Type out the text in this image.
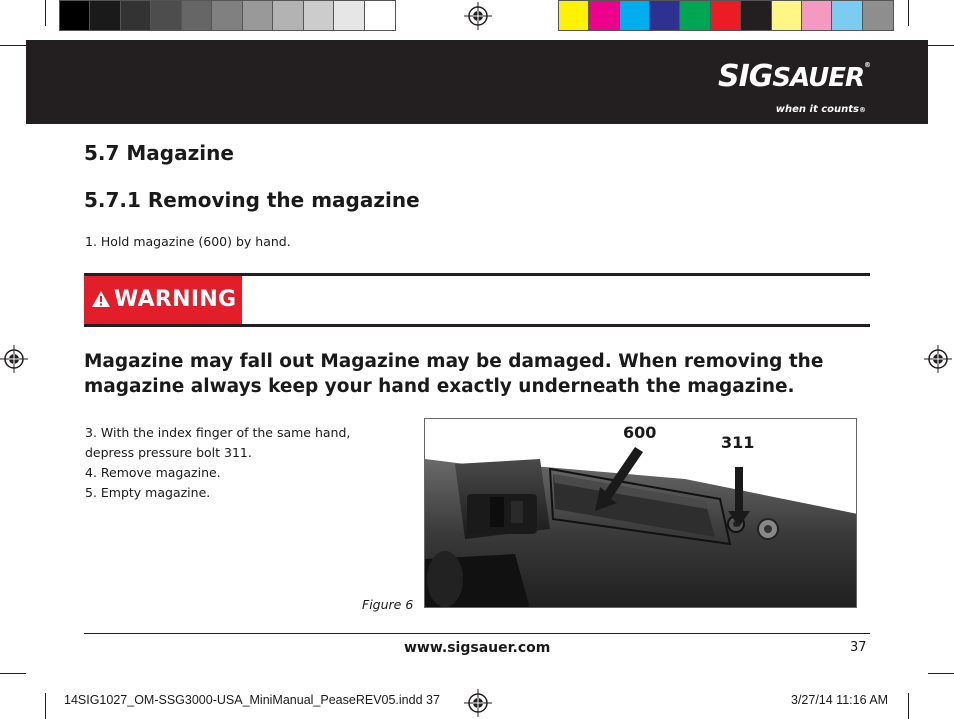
SIGSAUER®
when it counts®
5.7 Magazine
5.7.1 Removing the magazine
1. Hold magazine (600) by hand.
WARNING
Magazine may fall out Magazine may be damaged. When removing the magazine always keep your hand exactly underneath the magazine.
3. With the index finger of the same hand,
depress pressure bolt 311.
4. Remove magazine.
5. Empty magazine.
600
311
Figure 6
www.sigsauer.com	37
14SIG1027_OM-SSG3000-USA_MiniManual_PeaseREV05.indd 37	3/27/14 11:16 AM
